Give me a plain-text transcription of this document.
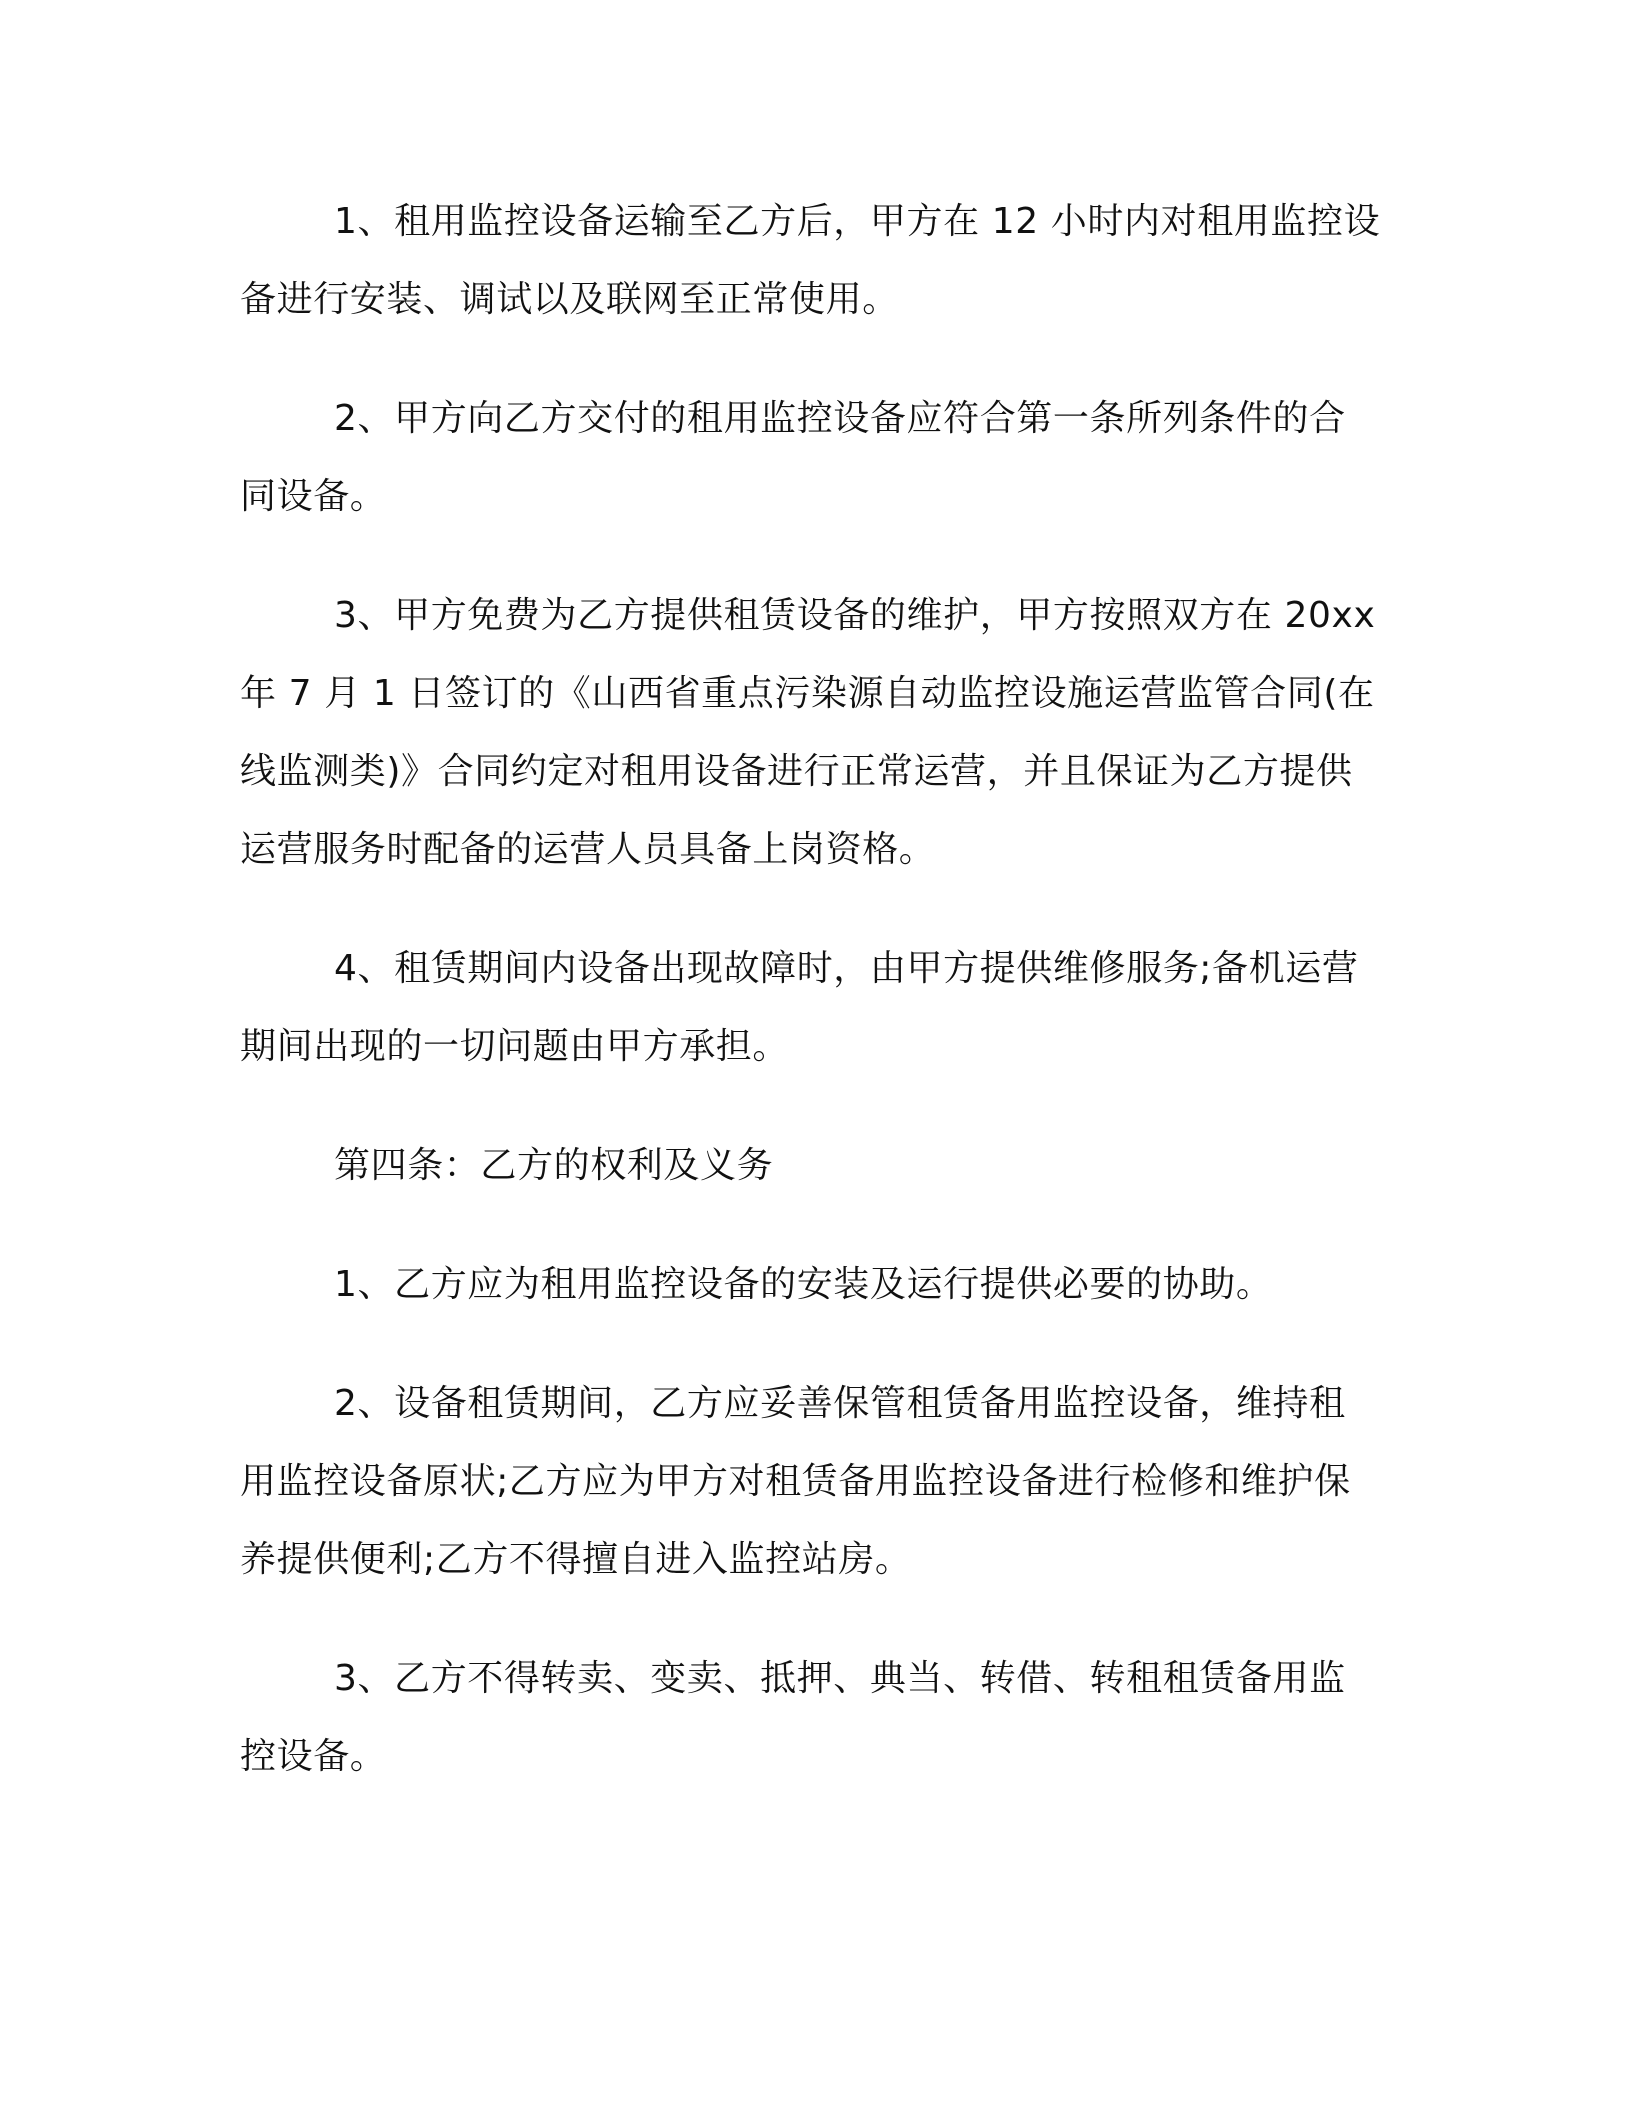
1、租用监控设备运输至乙方后，甲方在 12 小时内对租用监控设
备进行安装、调试以及联网至正常使用。

2、甲方向乙方交付的租用监控设备应符合第一条所列条件的合
同设备。

3、甲方免费为乙方提供租赁设备的维护，甲方按照双方在 20xx
年 7 月 1 日签订的《山西省重点污染源自动监控设施运营监管合同(在
线监测类)》合同约定对租用设备进行正常运营，并且保证为乙方提供
运营服务时配备的运营人员具备上岗资格。

4、租赁期间内设备出现故障时，由甲方提供维修服务;备机运营
期间出现的一切问题由甲方承担。

第四条：乙方的权利及义务

1、乙方应为租用监控设备的安装及运行提供必要的协助。

2、设备租赁期间，乙方应妥善保管租赁备用监控设备，维持租
用监控设备原状;乙方应为甲方对租赁备用监控设备进行检修和维护保
养提供便利;乙方不得擅自进入监控站房。

3、乙方不得转卖、变卖、抵押、典当、转借、转租租赁备用监
控设备。
